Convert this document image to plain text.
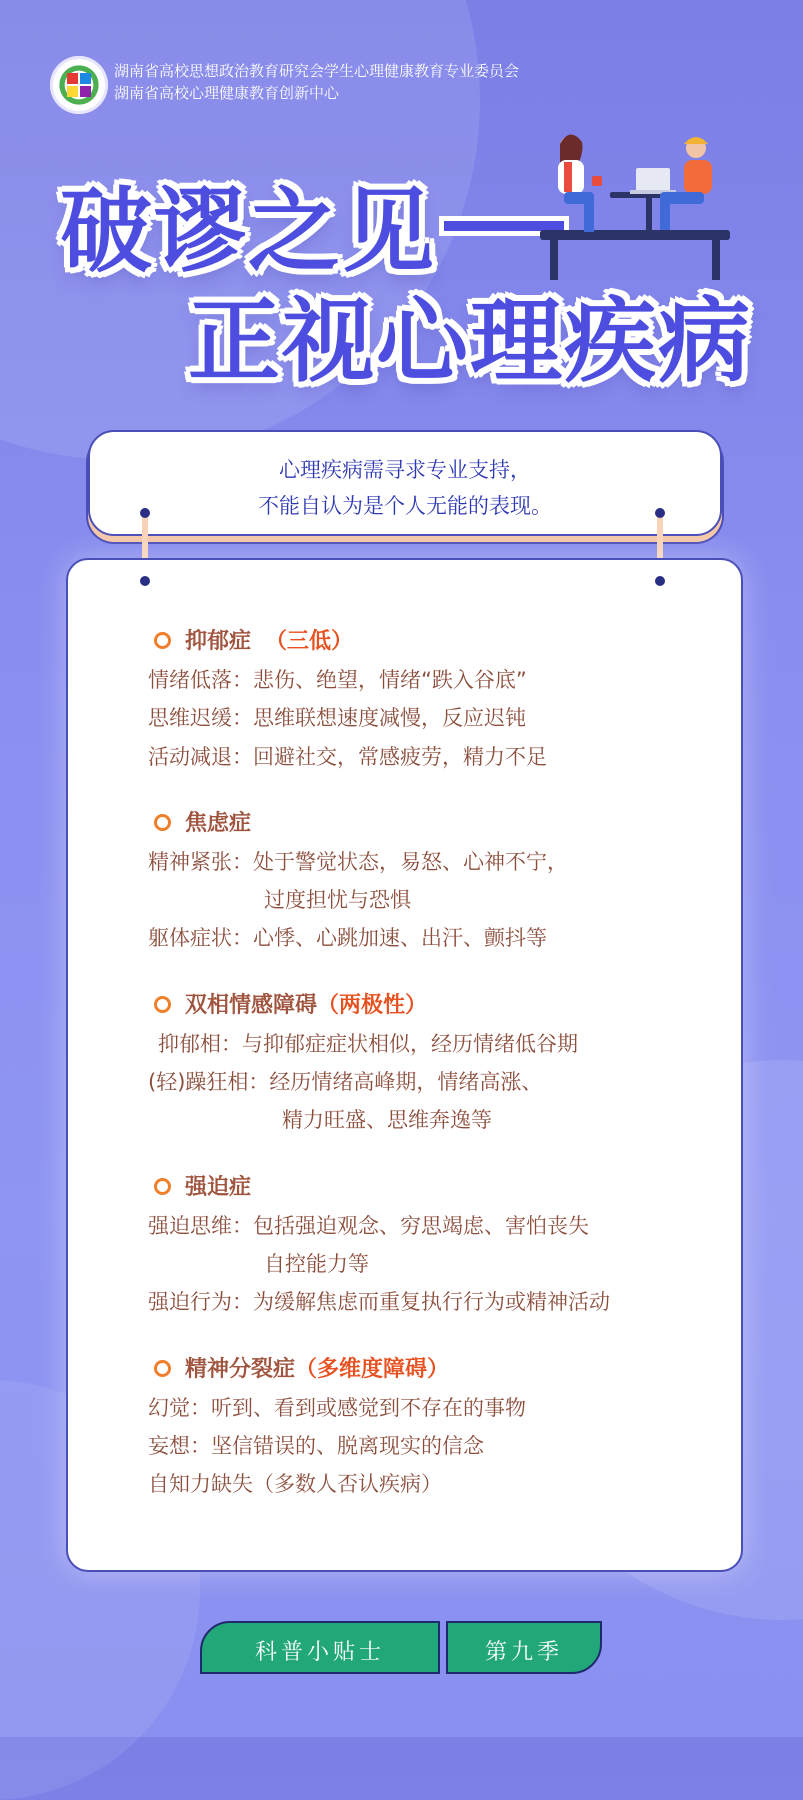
湖南省高校思想政治教育研究会学生心理健康教育专业委员会
湖南省高校心理健康教育创新中心
破谬之见
正视心理疾病
心理疾病需寻求专业支持，
不能自认为是个人无能的表现。
抑郁症 （三低）
情绪低落：悲伤、绝望，情绪“跌入谷底”
思维迟缓：思维联想速度减慢，反应迟钝
活动减退：回避社交，常感疲劳，精力不足
焦虑症
精神紧张：处于警觉状态，易怒、心神不宁，
过度担忧与恐惧
躯体症状：心悸、心跳加速、出汗、颤抖等
双相情感障碍（两极性）
抑郁相：与抑郁症症状相似，经历情绪低谷期
(轻)躁狂相：经历情绪高峰期，情绪高涨、
精力旺盛、思维奔逸等
强迫症
强迫思维：包括强迫观念、穷思竭虑、害怕丧失
自控能力等
强迫行为：为缓解焦虑而重复执行行为或精神活动
精神分裂症（多维度障碍）
幻觉：听到、看到或感觉到不存在的事物
妄想：坚信错误的、脱离现实的信念
自知力缺失（多数人否认疾病）
科普小贴士	第九季
